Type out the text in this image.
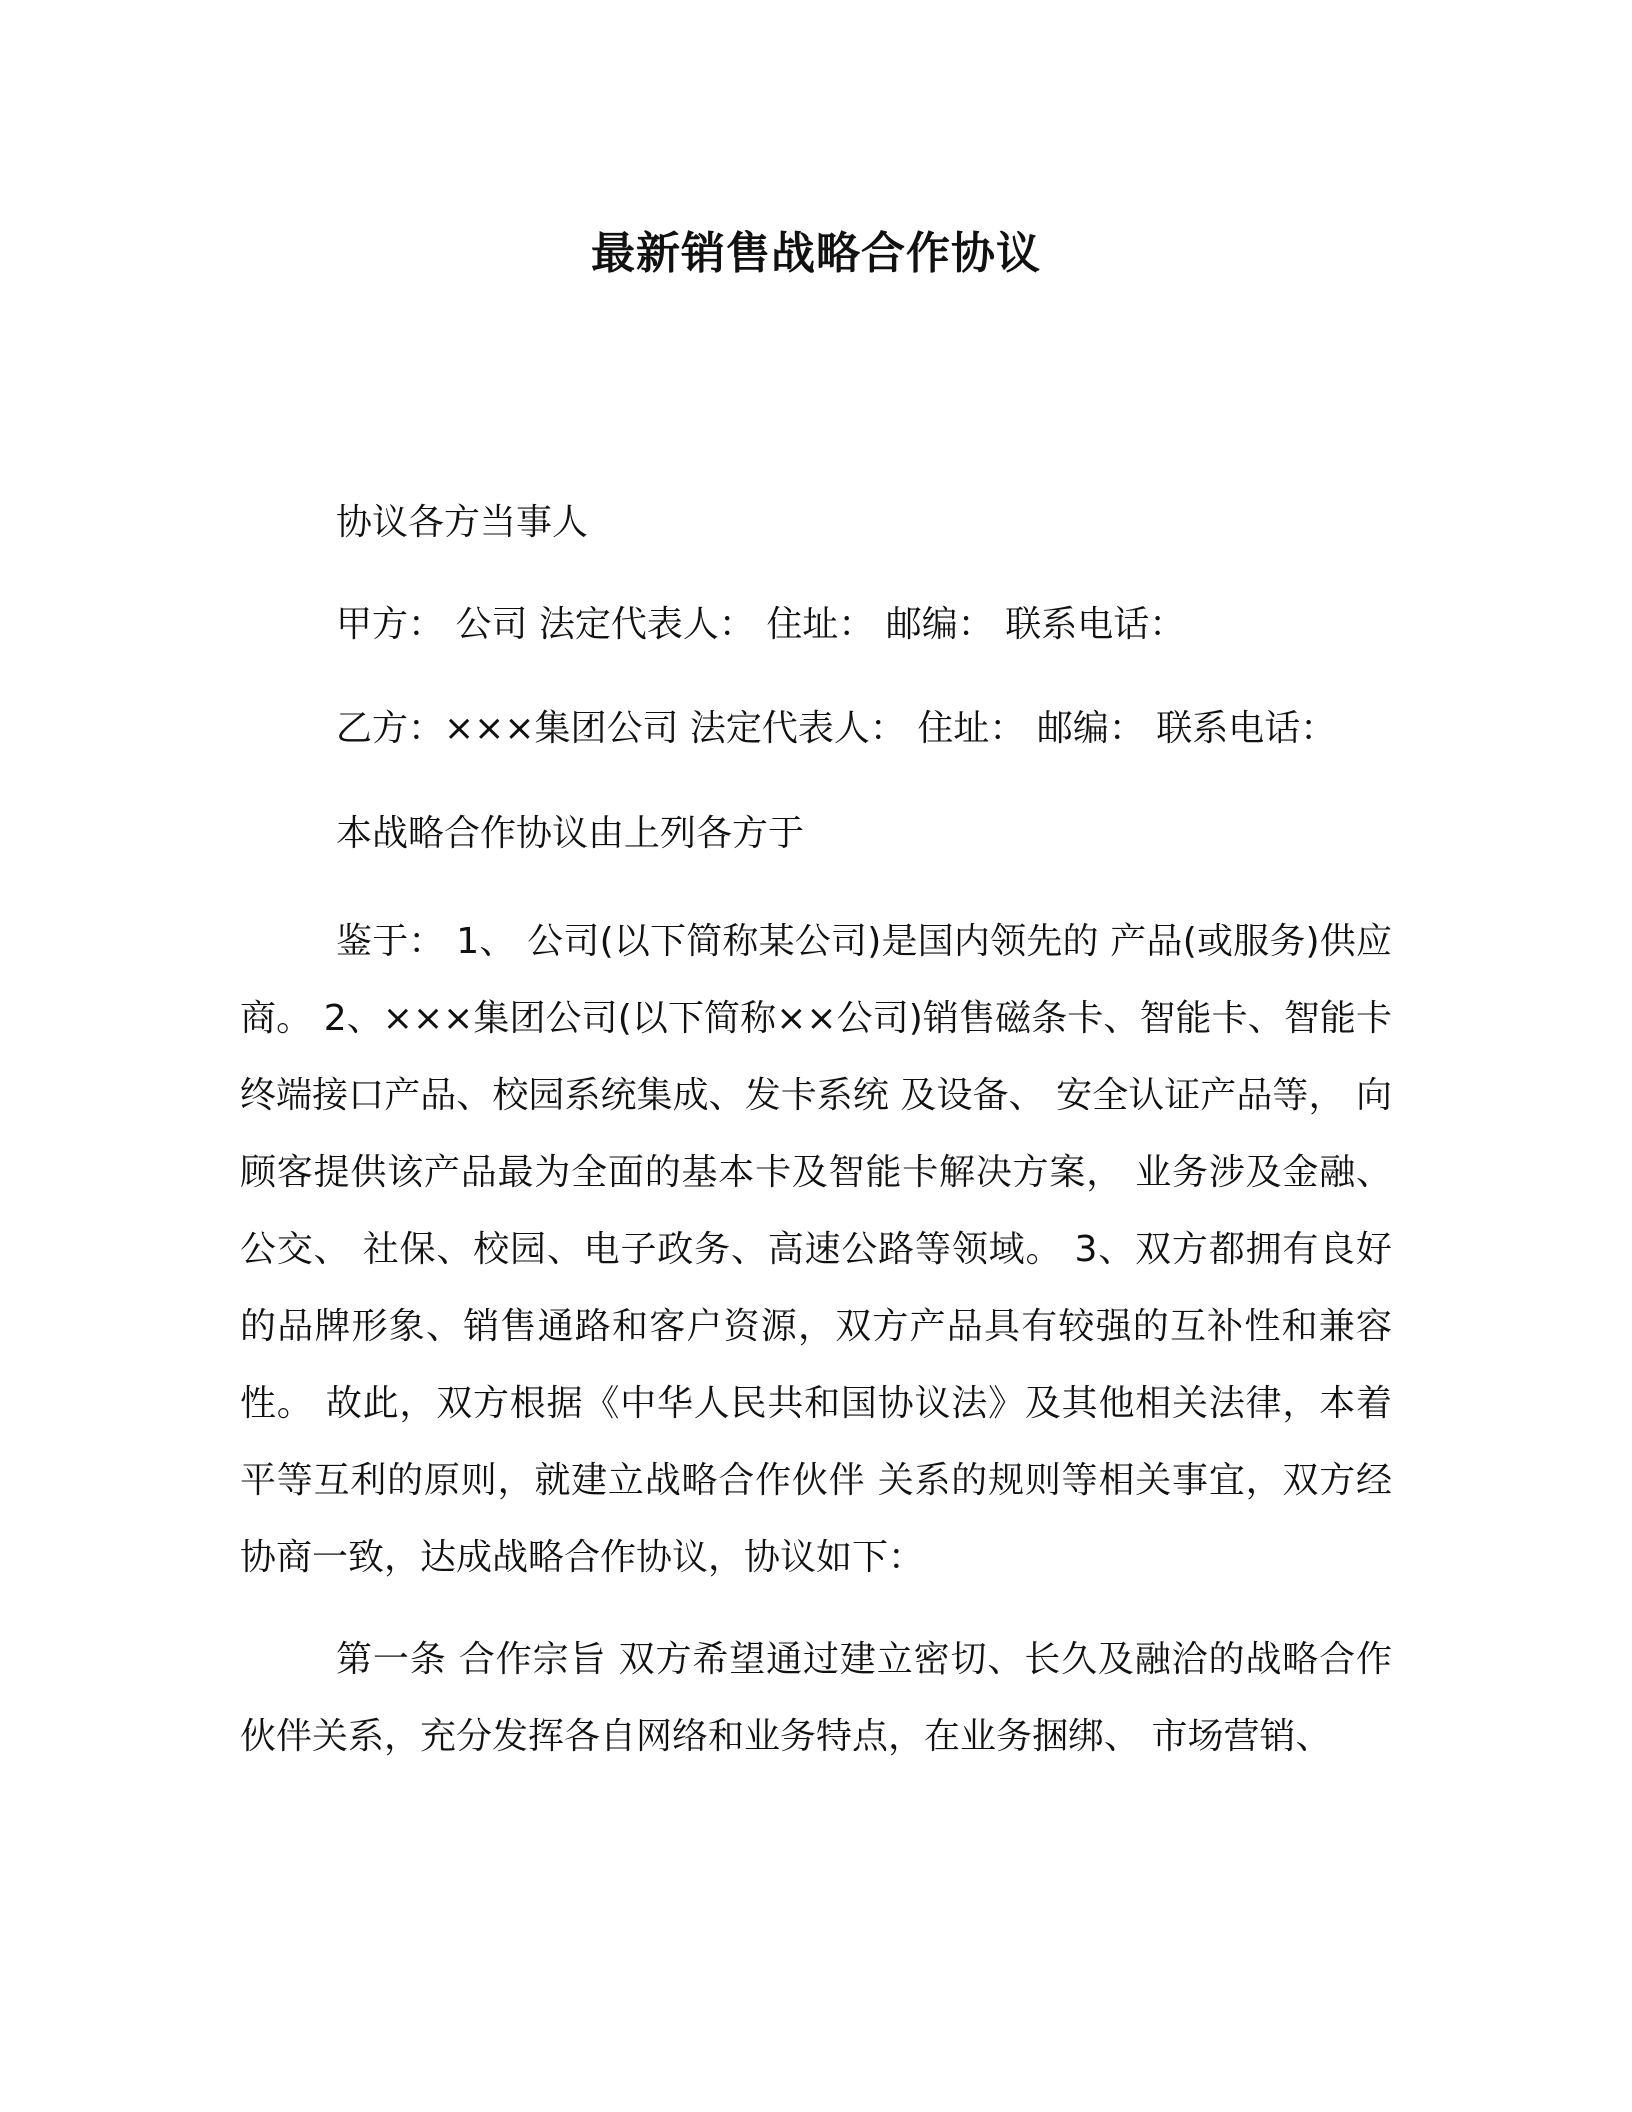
最新销售战略合作协议

协议各方当事人

甲方： 公司 法定代表人： 住址： 邮编： 联系电话：

乙方：×××集团公司 法定代表人： 住址： 邮编： 联系电话：

本战略合作协议由上列各方于

鉴于： 1、 公司(以下简称某公司)是国内领先的 产品(或服务)供应商。 2、×××集团公司(以下简称××公司)销售磁条卡、智能卡、智能卡终端接口产品、校园系统集成、发卡系统 及设备、 安全认证产品等， 向顾客提供该产品最为全面的基本卡及智能卡解决方案， 业务涉及金融、 公交、 社保、校园、电子政务、高速公路等领域。 3、双方都拥有良好的品牌形象、销售通路和客户资源，双方产品具有较强的互补性和兼容性。 故此，双方根据《中华人民共和国协议法》及其他相关法律，本着平等互利的原则，就建立战略合作伙伴 关系的规则等相关事宜，双方经协商一致，达成战略合作协议，协议如下：

第一条 合作宗旨 双方希望通过建立密切、长久及融洽的战略合作伙伴关系，充分发挥各自网络和业务特点，在业务捆绑、 市场营销、
